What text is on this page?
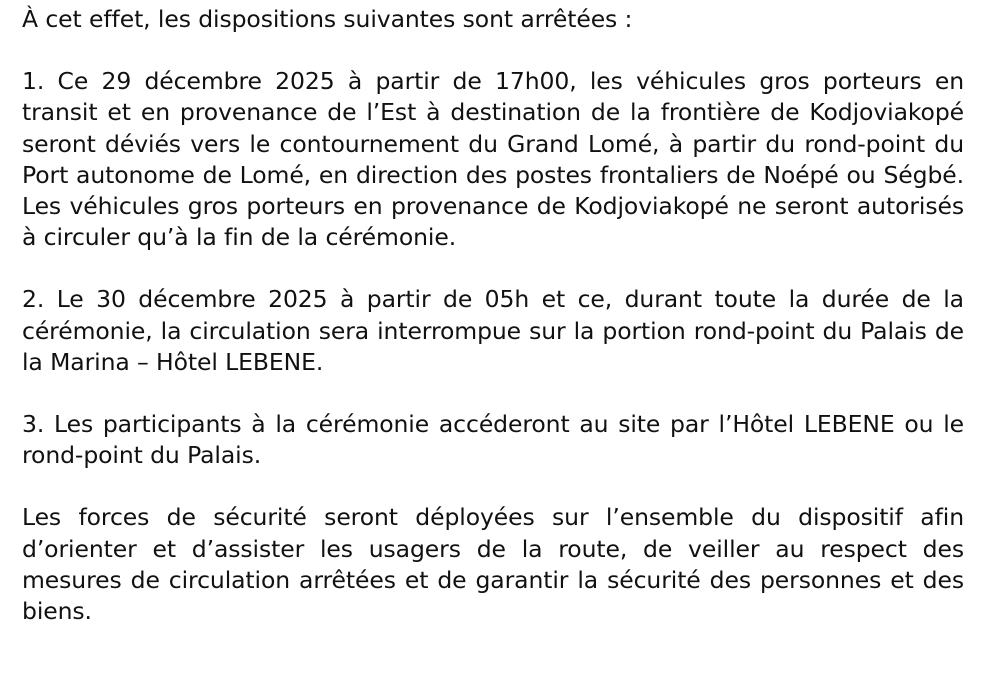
À cet effet, les dispositions suivantes sont arrêtées :

1. Ce 29 décembre 2025 à partir de 17h00, les véhicules gros porteurs en transit et en provenance de l’Est à destination de la frontière de Kodjoviakopé seront déviés vers le contournement du Grand Lomé, à partir du rond-point du Port autonome de Lomé, en direction des postes frontaliers de Noépé ou Ségbé. Les véhicules gros porteurs en provenance de Kodjoviakopé ne seront autorisés à circuler qu’à la fin de la cérémonie.

2. Le 30 décembre 2025 à partir de 05h et ce, durant toute la durée de la cérémonie, la circulation sera interrompue sur la portion rond-point du Palais de la Marina – Hôtel LEBENE.

3. Les participants à la cérémonie accéderont au site par l’Hôtel LEBENE ou le rond-point du Palais.

Les forces de sécurité seront déployées sur l’ensemble du dispositif afin d’orienter et d’assister les usagers de la route, de veiller au respect des mesures de circulation arrêtées et de garantir la sécurité des personnes et des biens.
